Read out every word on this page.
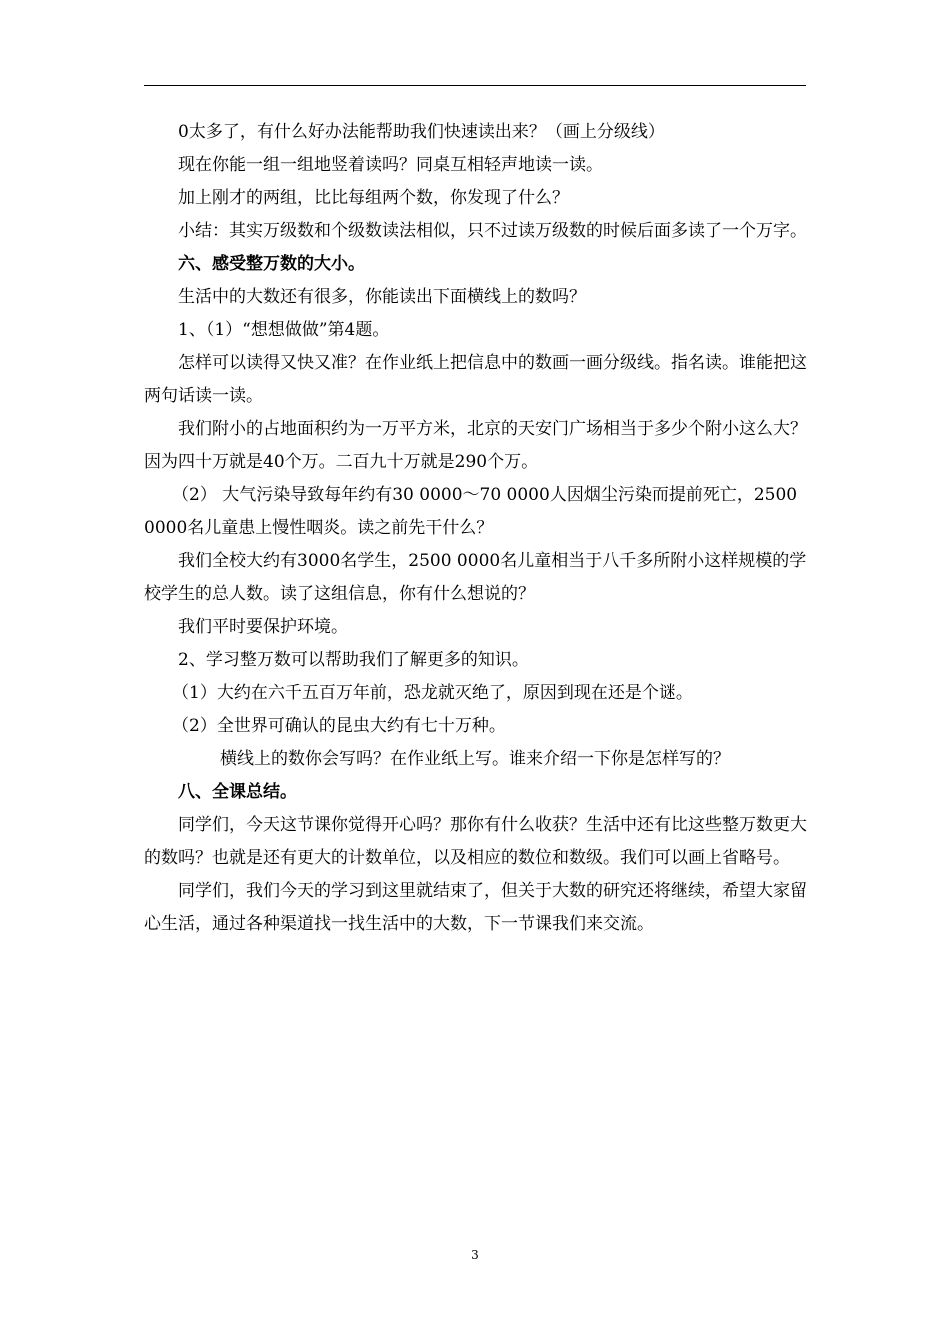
0太多了，有什么好办法能帮助我们快速读出来？（画上分级线）

现在你能一组一组地竖着读吗？同桌互相轻声地读一读。

加上刚才的两组，比比每组两个数，你发现了什么？

小结：其实万级数和个级数读法相似，只不过读万级数的时候后面多读了一个万字。

六、感受整万数的大小。

生活中的大数还有很多，你能读出下面横线上的数吗？

1、（1）“想想做做”第4题。

怎样可以读得又快又准？在作业纸上把信息中的数画一画分级线。指名读。谁能把这两句话读一读。

我们附小的占地面积约为一万平方米，北京的天安门广场相当于多少个附小这么大？因为四十万就是40个万。二百九十万就是290个万。

（2） 大气污染导致每年约有30 0000～70 0000人因烟尘污染而提前死亡，2500 0000名儿童患上慢性咽炎。读之前先干什么？

我们全校大约有3000名学生，2500 0000名儿童相当于八千多所附小这样规模的学校学生的总人数。读了这组信息，你有什么想说的？

我们平时要保护环境。

2、学习整万数可以帮助我们了解更多的知识。

（1）大约在六千五百万年前，恐龙就灭绝了，原因到现在还是个谜。

（2）全世界可确认的昆虫大约有七十万种。

横线上的数你会写吗？在作业纸上写。谁来介绍一下你是怎样写的？

八、全课总结。

同学们，今天这节课你觉得开心吗？那你有什么收获？生活中还有比这些整万数更大的数吗？也就是还有更大的计数单位，以及相应的数位和数级。我们可以画上省略号。

同学们，我们今天的学习到这里就结束了，但关于大数的研究还将继续，希望大家留心生活，通过各种渠道找一找生活中的大数，下一节课我们来交流。

3
